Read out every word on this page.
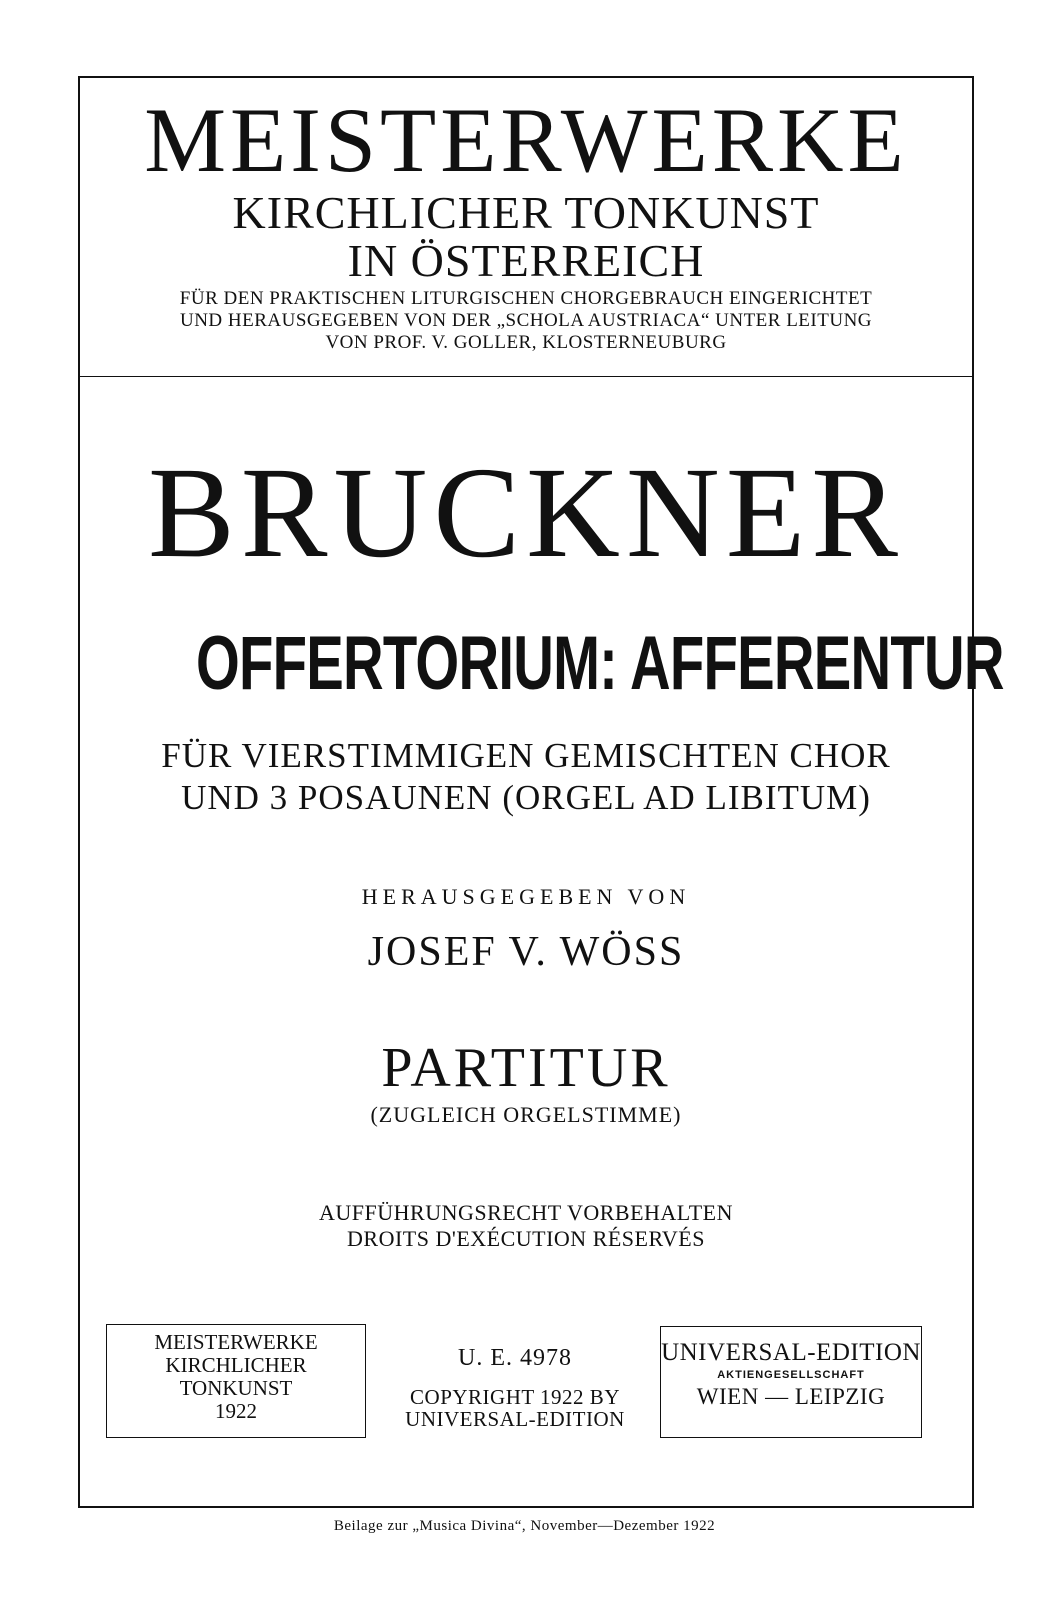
MEISTERWERKE
KIRCHLICHER TONKUNST
IN ÖSTERREICH
FÜR DEN PRAKTISCHEN LITURGISCHEN CHORGEBRAUCH EINGERICHTET
UND HERAUSGEGEBEN VON DER „SCHOLA AUSTRIACA“ UNTER LEITUNG
VON PROF. V. GOLLER, KLOSTERNEUBURG
BRUCKNER
OFFERTORIUM: AFFERENTUR
FÜR VIERSTIMMIGEN GEMISCHTEN CHOR
UND 3 POSAUNEN (ORGEL AD LIBITUM)
HERAUSGEGEBEN VON
JOSEF V. WÖSS
PARTITUR
(ZUGLEICH ORGELSTIMME)
AUFFÜHRUNGSRECHT VORBEHALTEN
DROITS D'EXÉCUTION RÉSERVÉS
MEISTERWERKE
KIRCHLICHER
TONKUNST
1922
U. E. 4978
COPYRIGHT 1922 BY
UNIVERSAL-EDITION
UNIVERSAL-EDITION
AKTIENGESELLSCHAFT
WIEN — LEIPZIG
Beilage zur „Musica Divina“, November—Dezember 1922
